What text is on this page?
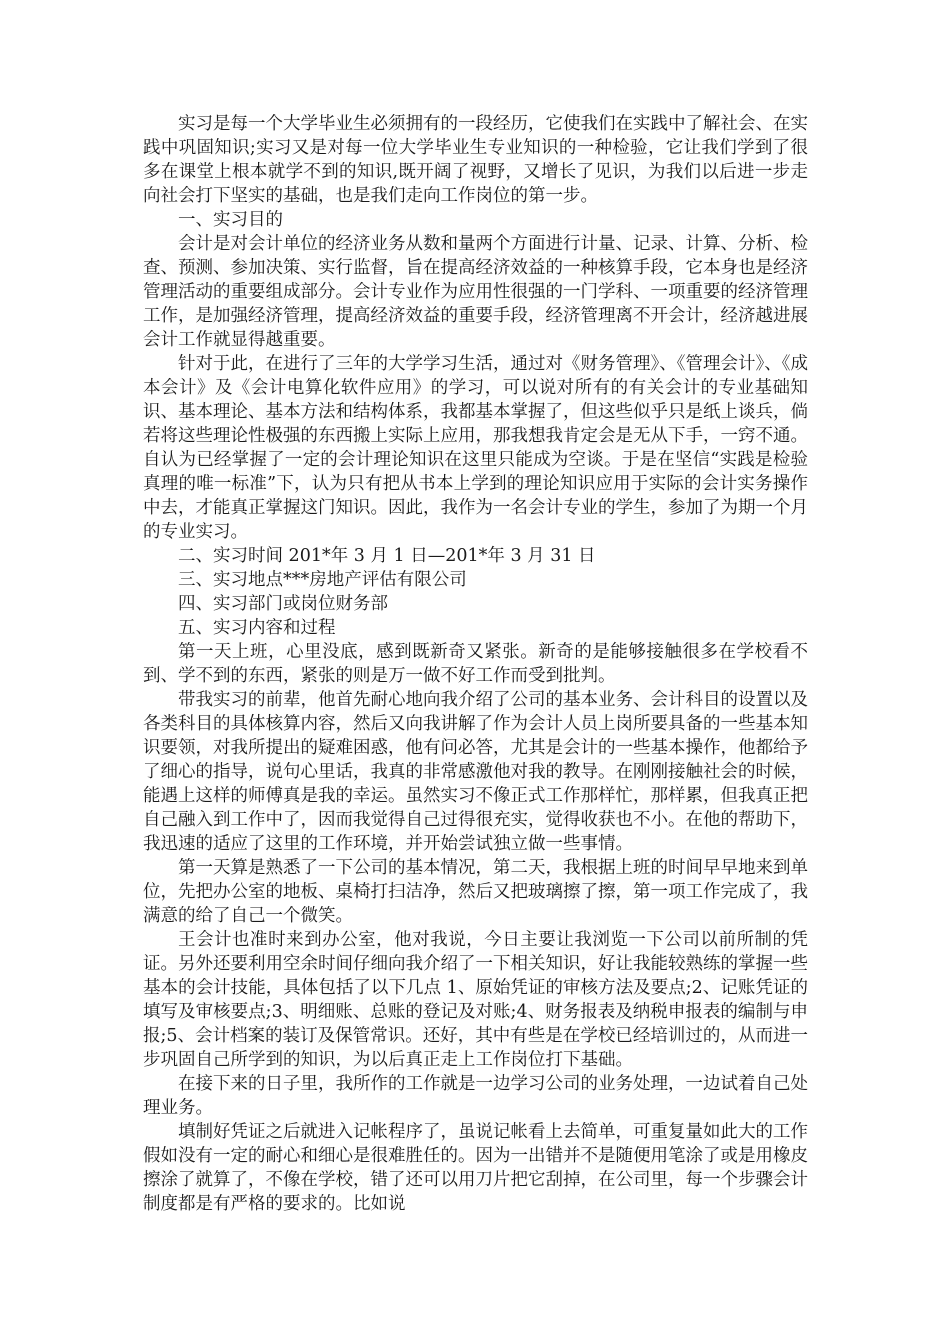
实习是每一个大学毕业生必须拥有的一段经历，它使我们在实践中了解社会、在实践中巩固知识;实习又是对每一位大学毕业生专业知识的一种检验，它让我们学到了很多在课堂上根本就学不到的知识,既开阔了视野，又增长了见识，为我们以后进一步走向社会打下坚实的基础，也是我们走向工作岗位的第一步。

一、实习目的

会计是对会计单位的经济业务从数和量两个方面进行计量、记录、计算、分析、检查、预测、参加决策、实行监督，旨在提高经济效益的一种核算手段，它本身也是经济管理活动的重要组成部分。会计专业作为应用性很强的一门学科、一项重要的经济管理工作，是加强经济管理，提高经济效益的重要手段，经济管理离不开会计，经济越进展会计工作就显得越重要。

针对于此，在进行了三年的大学学习生活，通过对《财务管理》、《管理会计》、《成本会计》及《会计电算化软件应用》的学习，可以说对所有的有关会计的专业基础知识、基本理论、基本方法和结构体系，我都基本掌握了，但这些似乎只是纸上谈兵，倘若将这些理论性极强的东西搬上实际上应用，那我想我肯定会是无从下手，一窍不通。自认为已经掌握了一定的会计理论知识在这里只能成为空谈。于是在坚信“实践是检验真理的唯一标准”下，认为只有把从书本上学到的理论知识应用于实际的会计实务操作中去，才能真正掌握这门知识。因此，我作为一名会计专业的学生，参加了为期一个月的专业实习。

二、实习时间 201*年 3 月 1 日—201*年 3 月 31 日

三、实习地点***房地产评估有限公司

四、实习部门或岗位财务部

五、实习内容和过程

第一天上班，心里没底，感到既新奇又紧张。新奇的是能够接触很多在学校看不到、学不到的东西，紧张的则是万一做不好工作而受到批判。

带我实习的前辈，他首先耐心地向我介绍了公司的基本业务、会计科目的设置以及各类科目的具体核算内容，然后又向我讲解了作为会计人员上岗所要具备的一些基本知识要领，对我所提出的疑难困惑，他有问必答，尤其是会计的一些基本操作，他都给予了细心的指导，说句心里话，我真的非常感激他对我的教导。在刚刚接触社会的时候，能遇上这样的师傅真是我的幸运。虽然实习不像正式工作那样忙，那样累，但我真正把自己融入到工作中了，因而我觉得自己过得很充实，觉得收获也不小。在他的帮助下，我迅速的适应了这里的工作环境，并开始尝试独立做一些事情。

第一天算是熟悉了一下公司的基本情况，第二天，我根据上班的时间早早地来到单位，先把办公室的地板、桌椅打扫洁净，然后又把玻璃擦了擦，第一项工作完成了，我满意的给了自己一个微笑。

王会计也准时来到办公室，他对我说，今日主要让我浏览一下公司以前所制的凭证。另外还要利用空余时间仔细向我介绍了一下相关知识，好让我能较熟练的掌握一些基本的会计技能，具体包括了以下几点 1、原始凭证的审核方法及要点;2、记账凭证的填写及审核要点;3、明细账、总账的登记及对账;4、财务报表及纳税申报表的编制与申报;5、会计档案的装订及保管常识。还好，其中有些是在学校已经培训过的，从而进一步巩固自己所学到的知识，为以后真正走上工作岗位打下基础。

在接下来的日子里，我所作的工作就是一边学习公司的业务处理，一边试着自己处理业务。

填制好凭证之后就进入记帐程序了，虽说记帐看上去简单，可重复量如此大的工作假如没有一定的耐心和细心是很难胜任的。因为一出错并不是随便用笔涂了或是用橡皮擦涂了就算了，不像在学校，错了还可以用刀片把它刮掉，在公司里，每一个步骤会计制度都是有严格的要求的。比如说
